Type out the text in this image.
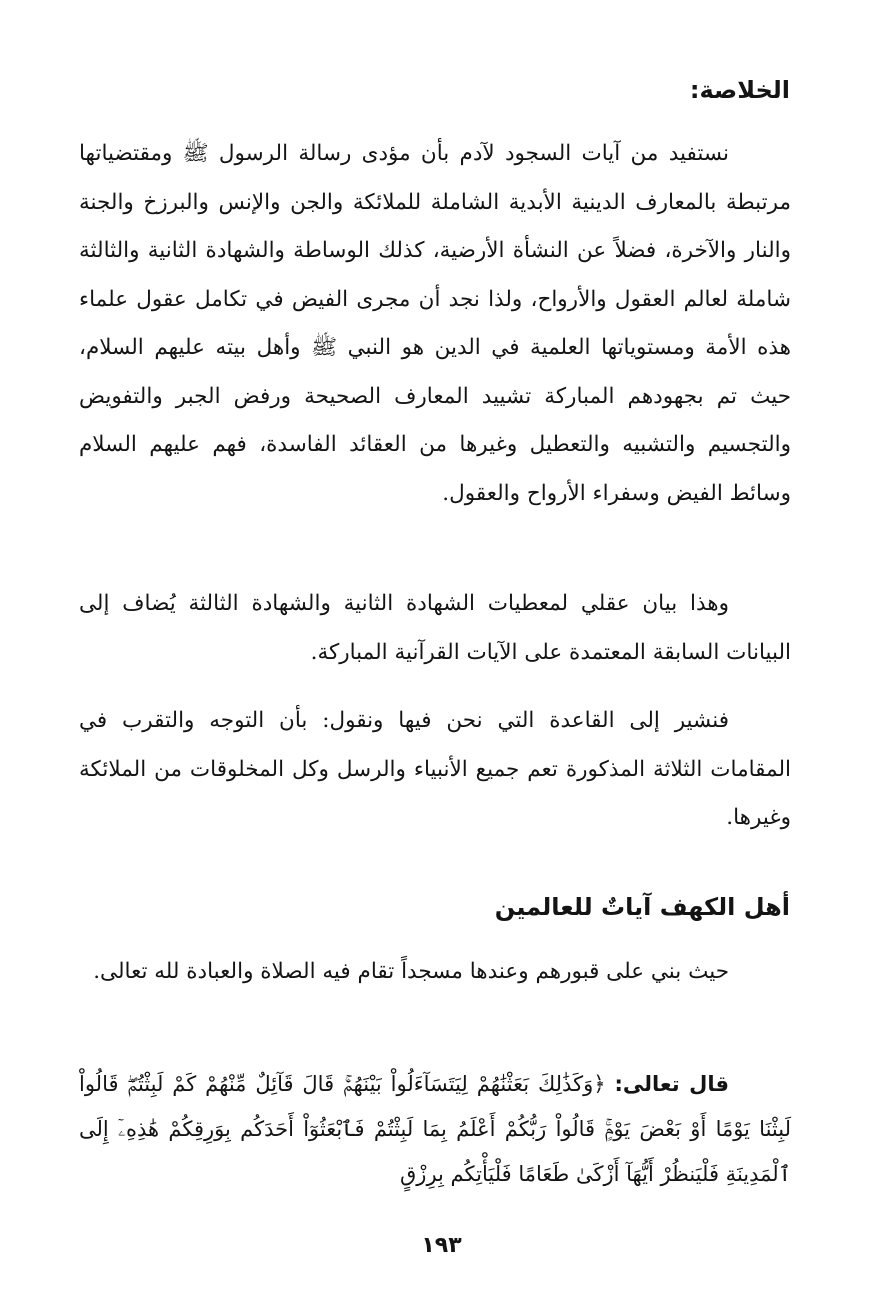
الخلاصة:

نستفيد من آيات السجود لآدم بأن مؤدى رسالة الرسول ﷺ ومقتضياتها مرتبطة بالمعارف الدينية الأبدية الشاملة للملائكة والجن والإنس والبرزخ والجنة والنار والآخرة، فضلاً عن النشأة الأرضية، كذلك الوساطة والشهادة الثانية والثالثة شاملة لعالم العقول والأرواح، ولذا نجد أن مجرى الفيض في تكامل عقول علماء هذه الأمة ومستوياتها العلمية في الدين هو النبي ﷺ وأهل بيته عليهم السلام، حيث تم بجهودهم المباركة تشييد المعارف الصحيحة ورفض الجبر والتفويض والتجسيم والتشبيه والتعطيل وغيرها من العقائد الفاسدة، فهم عليهم السلام وسائط الفيض وسفراء الأرواح والعقول.

وهذا بيان عقلي لمعطيات الشهادة الثانية والشهادة الثالثة يُضاف إلى البيانات السابقة المعتمدة على الآيات القرآنية المباركة.

فنشير إلى القاعدة التي نحن فيها ونقول: بأن التوجه والتقرب في المقامات الثلاثة المذكورة تعم جميع الأنبياء والرسل وكل المخلوقات من الملائكة وغيرها.

أهل الكهف آياتٌ للعالمين

حيث بني على قبورهم وعندها مسجداً تقام فيه الصلاة والعبادة لله تعالى.

قال تعالى: ﴿وَكَذَٰلِكَ بَعَثْنَٰهُمْ لِيَتَسَآءَلُواْ بَيْنَهُمْۚ قَالَ قَآئِلٌ مِّنْهُمْ كَمْ لَبِثْتُمْۖ قَالُواْ لَبِثْنَا يَوْمًا أَوْ بَعْضَ يَوْمٍۚ قَالُواْ رَبُّكُمْ أَعْلَمُ بِمَا لَبِثْتُمْ فَٱبْعَثُوٓاْ أَحَدَكُم بِوَرِقِكُمْ هَٰذِهِۦٓ إِلَى ٱلْمَدِينَةِ فَلْيَنظُرْ أَيُّهَآ أَزْكَىٰ طَعَامًا فَلْيَأْتِكُم بِرِزْقٍ

١٩٣
